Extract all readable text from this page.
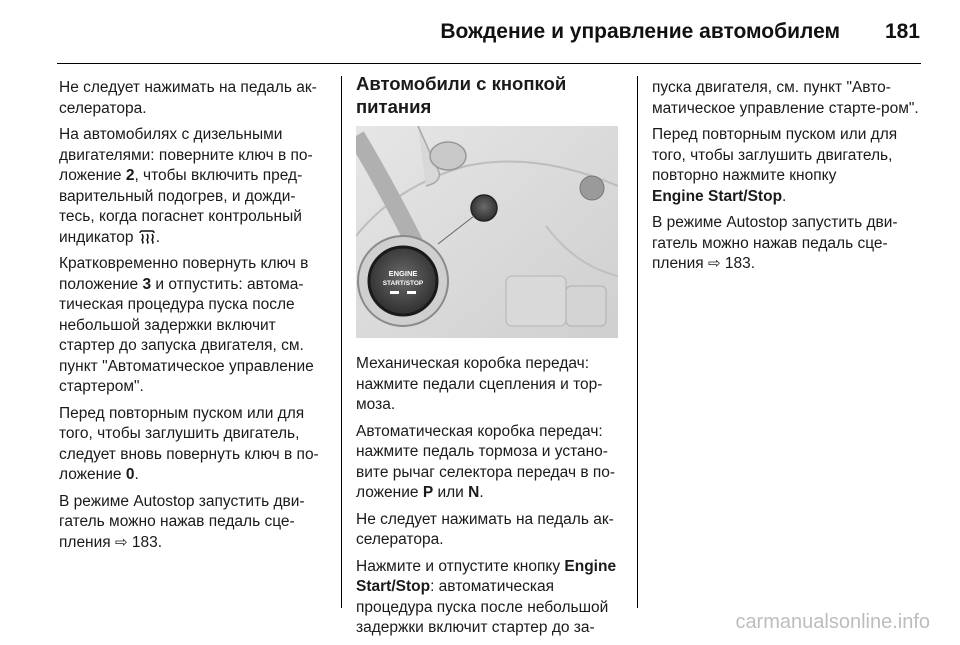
Вождение и управление автомобилем 181

Не следует нажимать на педаль ак-селератора.

На автомобилях с дизельными двигателями: поверните ключ в по-ложение 2, чтобы включить пред-варительный подогрев, и дожди-тесь, когда погаснет контрольный индикатор .

Кратковременно повернуть ключ в положение 3 и отпустить: автома-тическая процедура пуска после небольшой задержки включит стартер до запуска двигателя, см. пункт "Автоматическое управление стартером".

Перед повторным пуском или для того, чтобы заглушить двигатель, следует вновь повернуть ключ в по-ложение 0.

В режиме Autostop запустить дви-гатель можно нажав педаль сце-пления ⇨ 183.

Автомобили с кнопкой питания
ENGINE
START/STOP

Механическая коробка передач: нажмите педали сцепления и тор-моза.

Автоматическая коробка передач: нажмите педаль тормоза и устано-вите рычаг селектора передач в по-ложение P или N.

Не следует нажимать на педаль ак-селератора.

Нажмите и отпустите кнопку Engine Start/Stop: автоматическая процедура пуска после небольшой задержки включит стартер до за-

пуска двигателя, см. пункт "Авто-матическое управление старте-ром".

Перед повторным пуском или для того, чтобы заглушить двигатель, повторно нажмите кнопку
Engine Start/Stop.

В режиме Autostop запустить дви-гатель можно нажав педаль сце-пления ⇨ 183.

carmanualsonline.info
